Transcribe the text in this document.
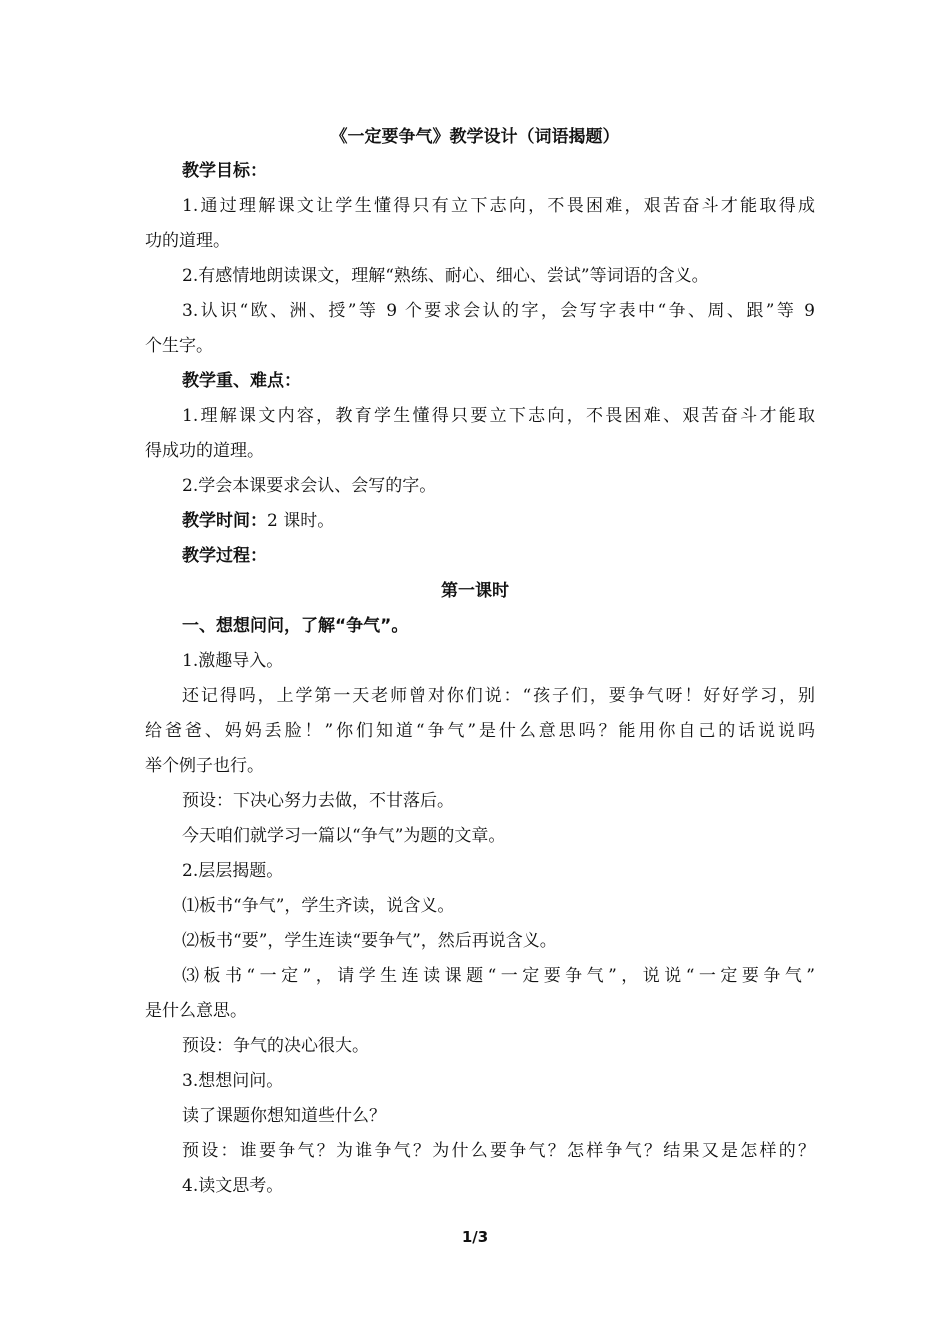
《一定要争气》教学设计（词语揭题）
教学目标：
1.通过理解课文让学生懂得只有立下志向，不畏困难，艰苦奋斗才能取得成
功的道理。
2.有感情地朗读课文，理解“熟练、耐心、细心、尝试”等词语的含义。
3.认识“欧、洲、授”等 9 个要求会认的字，会写字表中“争、周、跟”等 9
个生字。
教学重、难点：
1.理解课文内容，教育学生懂得只要立下志向，不畏困难、艰苦奋斗才能取
得成功的道理。
2.学会本课要求会认、会写的字。
教学时间：2 课时。
教学过程：
第一课时
一、想想问问，了解“争气”。
1.激趣导入。
还记得吗，上学第一天老师曾对你们说：“孩子们，要争气呀！好好学习，别
给爸爸、妈妈丢脸！”你们知道“争气”是什么意思吗？能用你自己的话说说吗
举个例子也行。
预设：下决心努力去做，不甘落后。
今天咱们就学习一篇以“争气”为题的文章。
2.层层揭题。
⑴板书“争气”，学生齐读，说含义。
⑵板书“要”，学生连读“要争气”，然后再说含义。
⑶板书“一定”，请学生连读课题“一定要争气”，说说“一定要争气”
是什么意思。
预设：争气的决心很大。
3.想想问问。
读了课题你想知道些什么？
预设：谁要争气？为谁争气？为什么要争气？怎样争气？结果又是怎样的？
4.读文思考。
1/3
